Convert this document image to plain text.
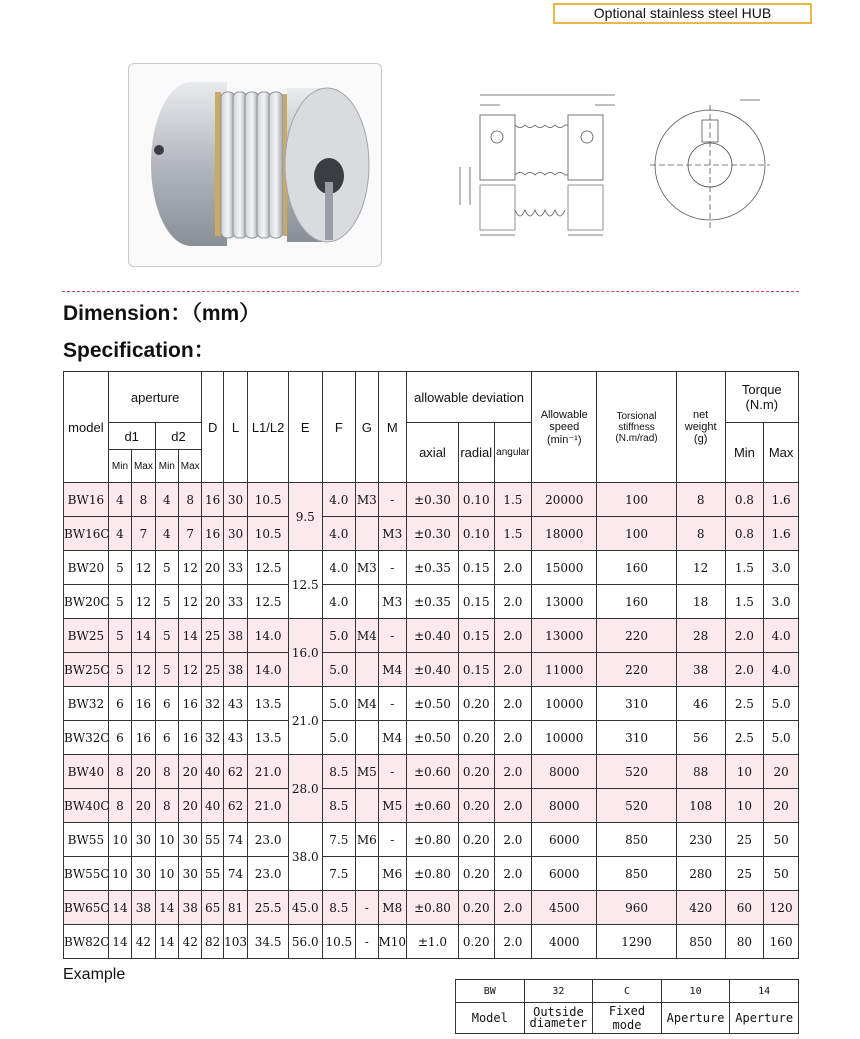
Optional stainless steel HUB
Dimension：（mm）
Specification：
model	aperture				D	L	L1/L2	E	F	G	M	allowable deviation			Allowable speed (min⁻¹)	Torsional stiffness (N.m/rad)	net weight (g)	Torque (N.m)	
	d1		d2									axial	radial	angular				Min	Max
	Min	Max	Min	Max															
BW16	4	8	4	8	16	30	10.5	9.5	4.0	M3	-	±0.30	0.10	1.5	20000	100	8	0.8	1.6
BW16C	4	7	4	7	16	30	10.5		4.0		M3	±0.30	0.10	1.5	18000	100	8	0.8	1.6
BW20	5	12	5	12	20	33	12.5	12.5	4.0	M3	-	±0.35	0.15	2.0	15000	160	12	1.5	3.0
BW20C	5	12	5	12	20	33	12.5		4.0		M3	±0.35	0.15	2.0	13000	160	18	1.5	3.0
BW25	5	14	5	14	25	38	14.0	16.0	5.0	M4	-	±0.40	0.15	2.0	13000	220	28	2.0	4.0
BW25C	5	12	5	12	25	38	14.0		5.0		M4	±0.40	0.15	2.0	11000	220	38	2.0	4.0
BW32	6	16	6	16	32	43	13.5	21.0	5.0	M4	-	±0.50	0.20	2.0	10000	310	46	2.5	5.0
BW32C	6	16	6	16	32	43	13.5		5.0		M4	±0.50	0.20	2.0	10000	310	56	2.5	5.0
BW40	8	20	8	20	40	62	21.0	28.0	8.5	M5	-	±0.60	0.20	2.0	8000	520	88	10	20
BW40C	8	20	8	20	40	62	21.0		8.5		M5	±0.60	0.20	2.0	8000	520	108	10	20
BW55	10	30	10	30	55	74	23.0	38.0	7.5	M6	-	±0.80	0.20	2.0	6000	850	230	25	50
BW55C	10	30	10	30	55	74	23.0		7.5		M6	±0.80	0.20	2.0	6000	850	280	25	50
BW65C	14	38	14	38	65	81	25.5	45.0	8.5	-	M8	±0.80	0.20	2.0	4500	960	420	60	120
BW82C	14	42	14	42	82	103	34.5	56.0	10.5	-	M10	±1.0	0.20	2.0	4000	1290	850	80	160
Example
BW	32	C	10	14
Model	Outside diameter	Fixed mode	Aperture	Aperture
